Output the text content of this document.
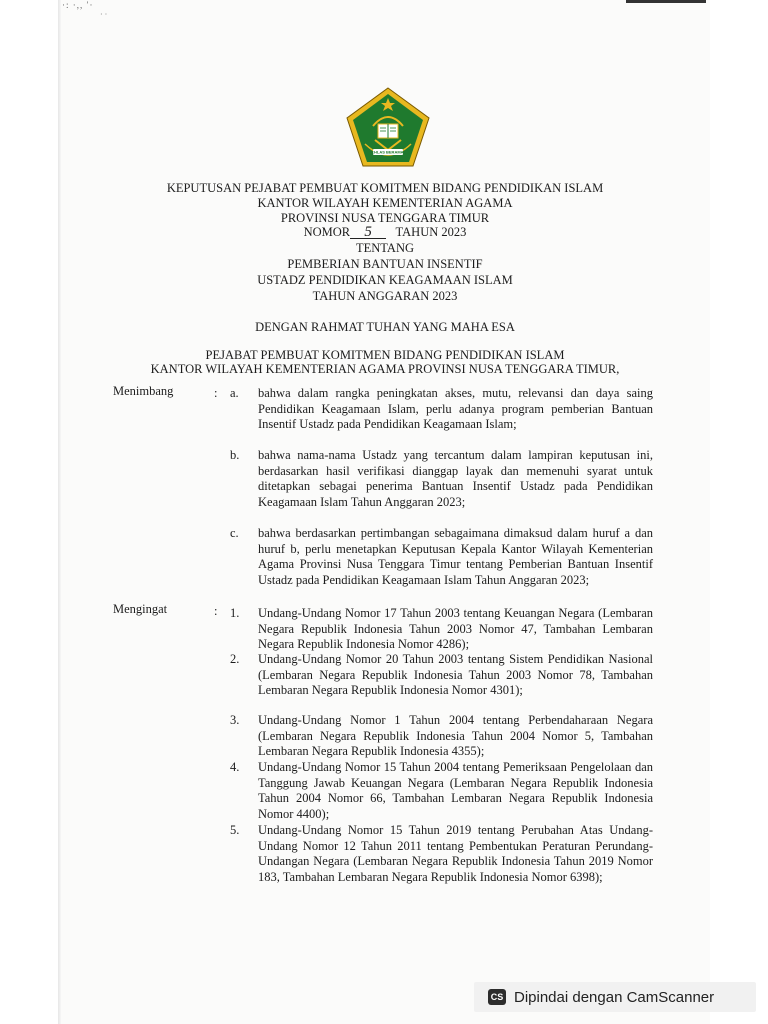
·: ·,, ′·
· ·
IKHLAS BERAMAL
KEPUTUSAN PEJABAT PEMBUAT KOMITMEN BIDANG PENDIDIKAN ISLAM
KANTOR WILAYAH KEMENTERIAN AGAMA
PROVINSI NUSA TENGGARA TIMUR
NOMOR 5 TAHUN 2023
TENTANG
PEMBERIAN BANTUAN INSENTIF
USTADZ PENDIDIKAN KEAGAMAAN ISLAM
TAHUN ANGGARAN 2023
DENGAN RAHMAT TUHAN YANG MAHA ESA
PEJABAT PEMBUAT KOMITMEN BIDANG PENDIDIKAN ISLAM
KANTOR WILAYAH KEMENTERIAN AGAMA PROVINSI NUSA TENGGARA TIMUR,
Menimbang	: a. bahwa dalam rangka peningkatan akses, mutu, relevansi dan daya saing Pendidikan Keagamaan Islam, perlu adanya program pemberian Bantuan Insentif Ustadz pada Pendidikan Keagamaan Islam;
b. bahwa nama-nama Ustadz yang tercantum dalam lampiran keputusan ini, berdasarkan hasil verifikasi dianggap layak dan memenuhi syarat untuk ditetapkan sebagai penerima Bantuan Insentif Ustadz pada Pendidikan Keagamaan Islam Tahun Anggaran 2023;
c. bahwa berdasarkan pertimbangan sebagaimana dimaksud dalam huruf a dan huruf b, perlu menetapkan Keputusan Kepala Kantor Wilayah Kementerian Agama Provinsi Nusa Tenggara Timur tentang Pemberian Bantuan Insentif Ustadz pada Pendidikan Keagamaan Islam Tahun Anggaran 2023;
Mengingat	: 1. Undang-Undang Nomor 17 Tahun 2003 tentang Keuangan Negara (Lembaran Negara Republik Indonesia Tahun 2003 Nomor 47, Tambahan Lembaran Negara Republik Indonesia Nomor 4286);
2. Undang-Undang Nomor 20 Tahun 2003 tentang Sistem Pendidikan Nasional (Lembaran Negara Republik Indonesia Tahun 2003 Nomor 78, Tambahan Lembaran Negara Republik Indonesia Nomor 4301);
3. Undang-Undang Nomor 1 Tahun 2004 tentang Perbendaharaan Negara (Lembaran Negara Republik Indonesia Tahun 2004 Nomor 5, Tambahan Lembaran Negara Republik Indonesia 4355);
4. Undang-Undang Nomor 15 Tahun 2004 tentang Pemeriksaan Pengelolaan dan Tanggung Jawab Keuangan Negara (Lembaran Negara Republik Indonesia Tahun 2004 Nomor 66, Tambahan Lembaran Negara Republik Indonesia Nomor 4400);
5. Undang-Undang Nomor 15 Tahun 2019 tentang Perubahan Atas Undang-Undang Nomor 12 Tahun 2011 tentang Pembentukan Peraturan Perundang-Undangan Negara (Lembaran Negara Republik Indonesia Tahun 2019 Nomor 183, Tambahan Lembaran Negara Republik Indonesia Nomor 6398);
CS Dipindai dengan CamScanner
